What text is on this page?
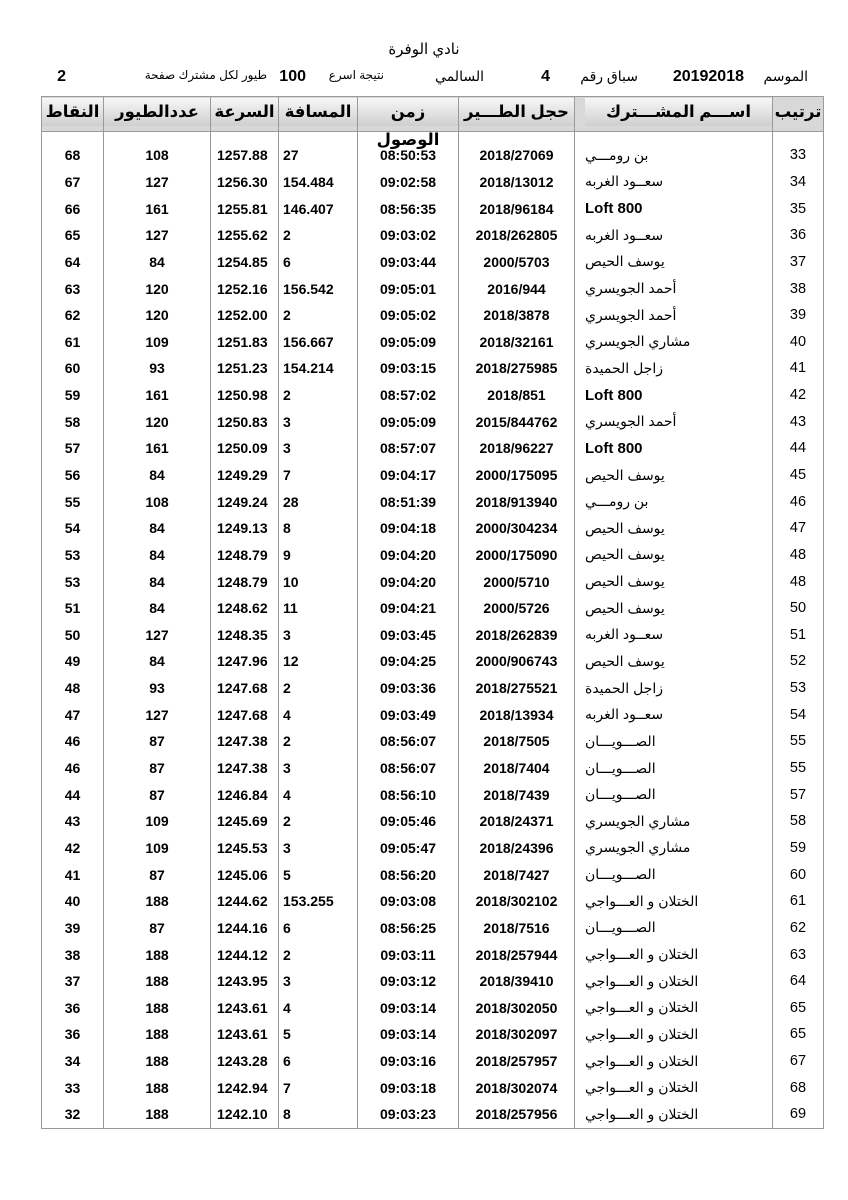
نادي الوفرة
الموسم
20192018
سباق رقم
4
السالمي
نتيجة اسرع
100
طيور لكل مشترك صفحة
2
ترتيب	اســـم المشـــترك	حجل الطـــير	زمن الوصول	المسافة	السرعة	عددالطيور	النقاط

33	بن رومـــي	2018/27069	08:50:53	27	1257.88	108	68
34	سعــود الغربه	2018/13012	09:02:58	154.484	1256.30	127	67
35	Loft 800	2018/96184	08:56:35	146.407	1255.81	161	66
36	سعــود الغربه	2018/262805	09:03:02	2	1255.62	127	65
37	يوسف الحيص	2000/5703	09:03:44	6	1254.85	84	64
38	أحمد الجويسري	2016/944	09:05:01	156.542	1252.16	120	63
39	أحمد الجويسري	2018/3878	09:05:02	2	1252.00	120	62
40	مشاري الجويسري	2018/32161	09:05:09	156.667	1251.83	109	61
41	زاجل الحميدة	2018/275985	09:03:15	154.214	1251.23	93	60
42	Loft 800	2018/851	08:57:02	2	1250.98	161	59
43	أحمد الجويسري	2015/844762	09:05:09	3	1250.83	120	58
44	Loft 800	2018/96227	08:57:07	3	1250.09	161	57
45	يوسف الحيص	2000/175095	09:04:17	7	1249.29	84	56
46	بن رومـــي	2018/913940	08:51:39	28	1249.24	108	55
47	يوسف الحيص	2000/304234	09:04:18	8	1249.13	84	54
48	يوسف الحيص	2000/175090	09:04:20	9	1248.79	84	53
48	يوسف الحيص	2000/5710	09:04:20	10	1248.79	84	53
50	يوسف الحيص	2000/5726	09:04:21	11	1248.62	84	51
51	سعــود الغربه	2018/262839	09:03:45	3	1248.35	127	50
52	يوسف الحيص	2000/906743	09:04:25	12	1247.96	84	49
53	زاجل الحميدة	2018/275521	09:03:36	2	1247.68	93	48
54	سعــود الغربه	2018/13934	09:03:49	4	1247.68	127	47
55	الصـــويـــان	2018/7505	08:56:07	2	1247.38	87	46
55	الصـــويـــان	2018/7404	08:56:07	3	1247.38	87	46
57	الصـــويـــان	2018/7439	08:56:10	4	1246.84	87	44
58	مشاري الجويسري	2018/24371	09:05:46	2	1245.69	109	43
59	مشاري الجويسري	2018/24396	09:05:47	3	1245.53	109	42
60	الصـــويـــان	2018/7427	08:56:20	5	1245.06	87	41
61	الختلان و العـــواجي	2018/302102	09:03:08	153.255	1244.62	188	40
62	الصـــويـــان	2018/7516	08:56:25	6	1244.16	87	39
63	الختلان و العـــواجي	2018/257944	09:03:11	2	1244.12	188	38
64	الختلان و العـــواجي	2018/39410	09:03:12	3	1243.95	188	37
65	الختلان و العـــواجي	2018/302050	09:03:14	4	1243.61	188	36
65	الختلان و العـــواجي	2018/302097	09:03:14	5	1243.61	188	36
67	الختلان و العـــواجي	2018/257957	09:03:16	6	1243.28	188	34
68	الختلان و العـــواجي	2018/302074	09:03:18	7	1242.94	188	33
69	الختلان و العـــواجي	2018/257956	09:03:23	8	1242.10	188	32
